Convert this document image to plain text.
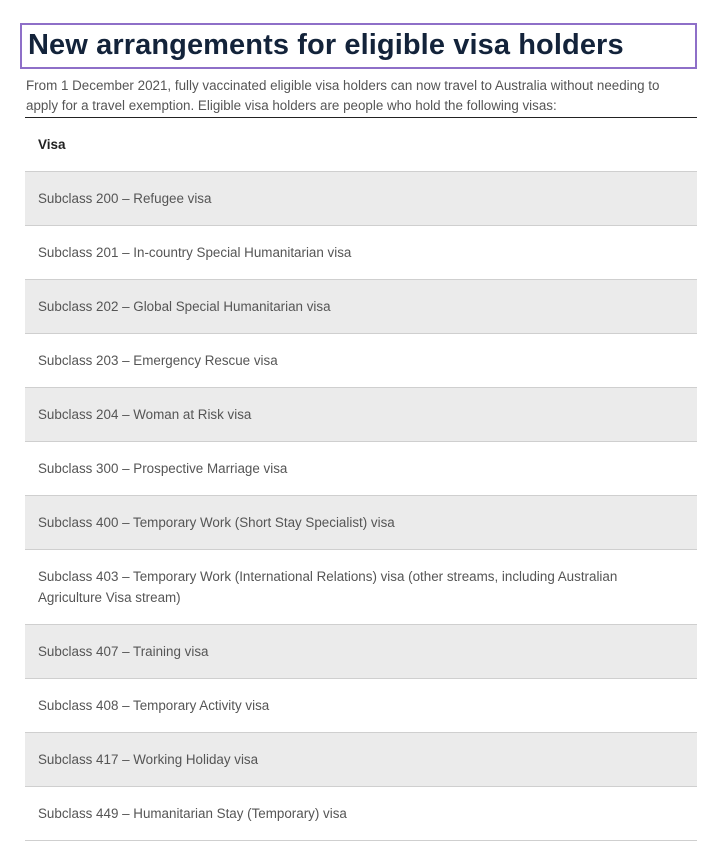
New arrangements for eligible visa holders

From 1 December 2021, fully vaccinated eligible visa holders can now travel to Australia without needing to apply for a travel exemption. Eligible visa holders are people who hold the following visas:

Visa
Subclass 200 – Refugee visa
Subclass 201 – In-country Special Humanitarian visa
Subclass 202 – Global Special Humanitarian visa
Subclass 203 – Emergency Rescue visa
Subclass 204 – Woman at Risk visa
Subclass 300 – Prospective Marriage visa
Subclass 400 – Temporary Work (Short Stay Specialist) visa
Subclass 403 – Temporary Work (International Relations) visa (other streams, including Australian Agriculture Visa stream)
Subclass 407 – Training visa
Subclass 408 – Temporary Activity visa
Subclass 417 – Working Holiday visa
Subclass 449 – Humanitarian Stay (Temporary) visa
